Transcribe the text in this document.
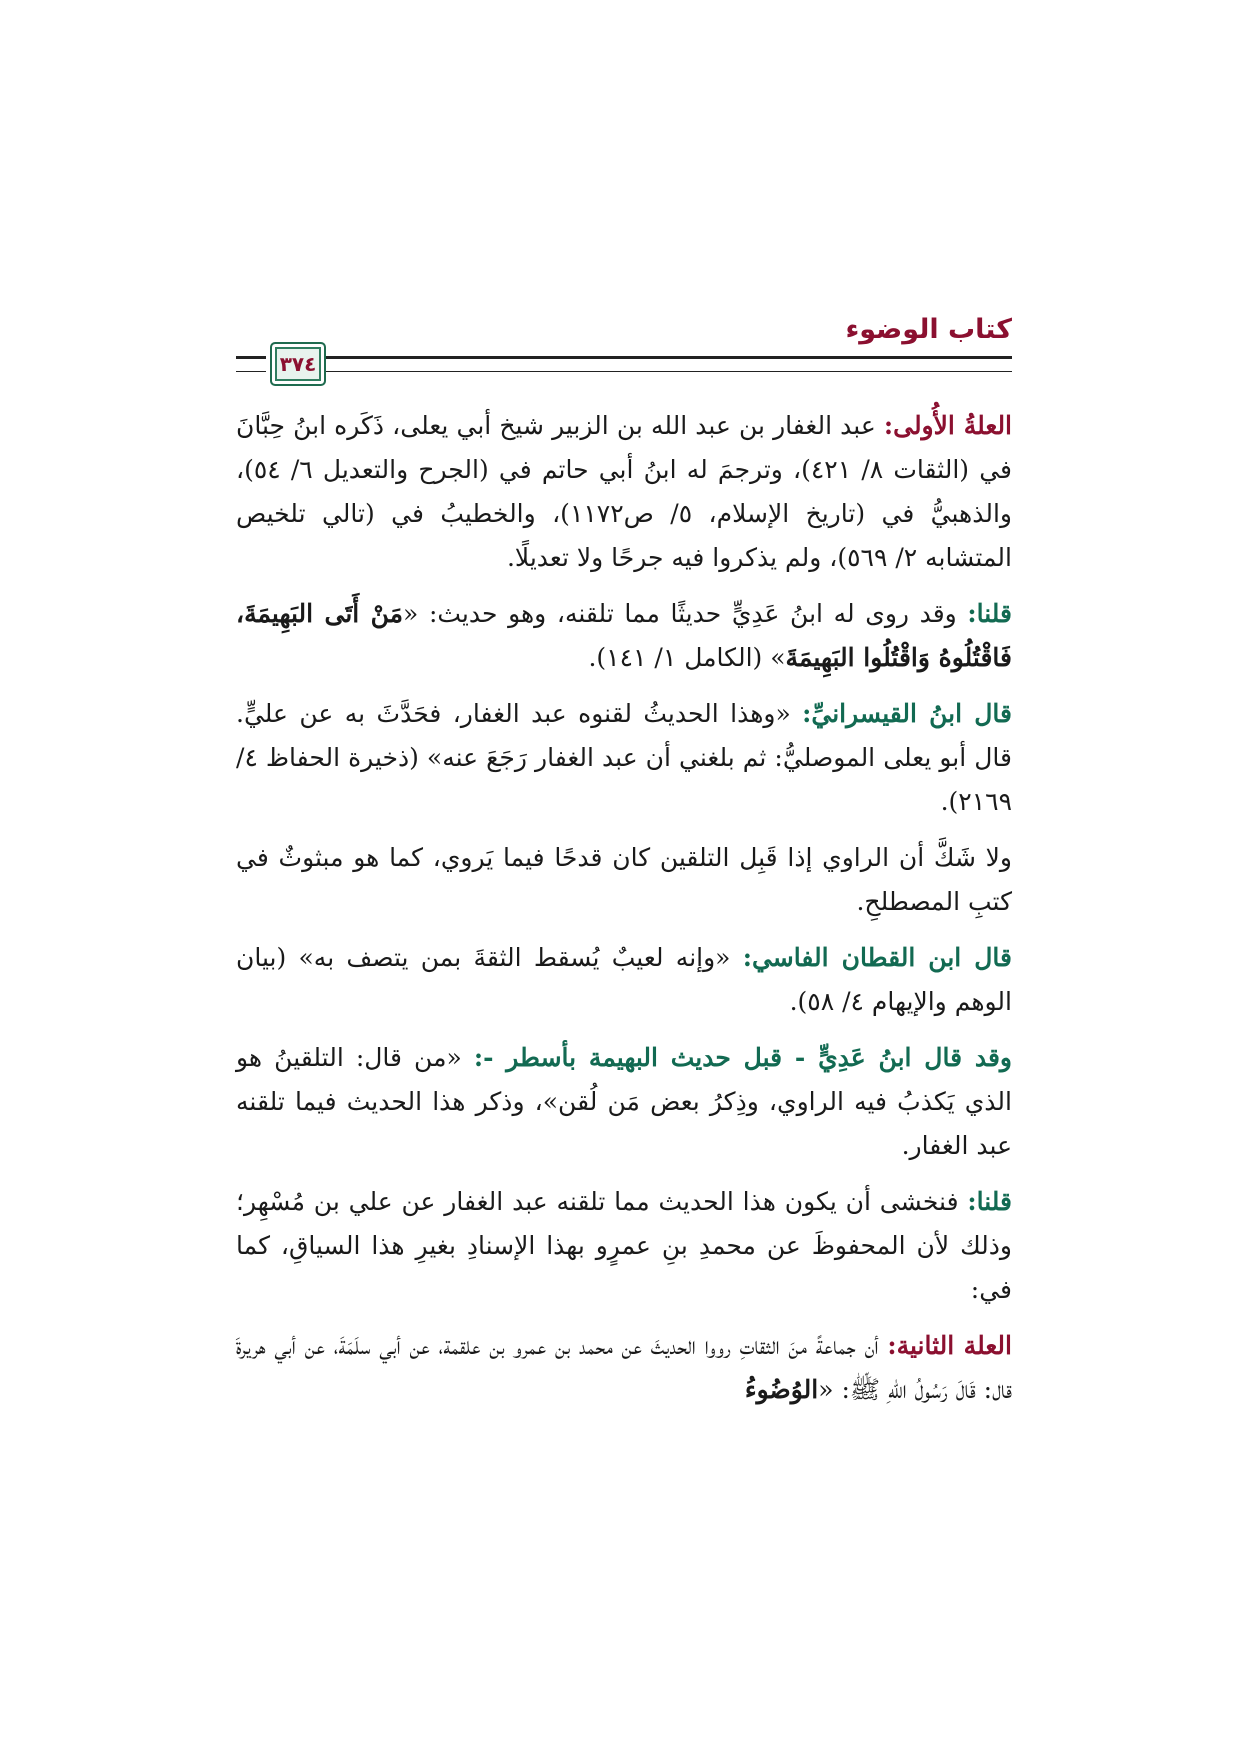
كتاب الوضوء
٣٧٤

العلةُ الأُولى: عبد الغفار بن عبد الله بن الزبير شيخ أبي يعلى، ذَكَره ابنُ حِبَّانَ في (الثقات ٨/ ٤٢١)، وترجمَ له ابنُ أبي حاتم في (الجرح والتعديل ٦/ ٥٤)، والذهبيُّ في (تاريخ الإسلام، ٥/ ص١١٧٢)، والخطيبُ في (تالي تلخيص المتشابه ٢/ ٥٦٩)، ولم يذكروا فيه جرحًا ولا تعديلًا.

قلنا: وقد روى له ابنُ عَدِيٍّ حديثًا مما تلقنه، وهو حديث: «مَنْ أَتَى البَهِيمَةَ، فَاقْتُلُوهُ وَاقْتُلُوا البَهِيمَةَ» (الكامل ١/ ١٤١).

قال ابنُ القيسرانيِّ: «وهذا الحديثُ لقنوه عبد الغفار، فحَدَّثَ به عن عليٍّ. قال أبو يعلى الموصليُّ: ثم بلغني أن عبد الغفار رَجَعَ عنه» (ذخيرة الحفاظ ٤/ ٢١٦٩).

ولا شَكَّ أن الراوي إذا قَبِل التلقين كان قدحًا فيما يَروي، كما هو مبثوثٌ في كتبِ المصطلحِ.

قال ابن القطان الفاسي: «وإنه لعيبٌ يُسقط الثقةَ بمن يتصف به» (بيان الوهم والإيهام ٤/ ٥٨).

وقد قال ابنُ عَدِيٍّ - قبل حديث البهيمة بأسطر -: «من قال: التلقينُ هو الذي يَكذبُ فيه الراوي، وذِكرُ بعض مَن لُقن»، وذكر هذا الحديث فيما تلقنه عبد الغفار.

قلنا: فنخشى أن يكون هذا الحديث مما تلقنه عبد الغفار عن علي بن مُسْهِر؛ وذلك لأن المحفوظَ عن محمدِ بنِ عمرٍو بهذا الإسنادِ بغيرِ هذا السياقِ، كما في:

العلة الثانية: أن جماعةً منَ الثقاتِ رووا الحديثَ عن محمد بن عمرو بن علقمة، عن أبي سلَمَةَ، عن أبي هريرةَ قال: قَالَ رَسُولُ اللهِ ﷺ: «الوُضُوءُ
